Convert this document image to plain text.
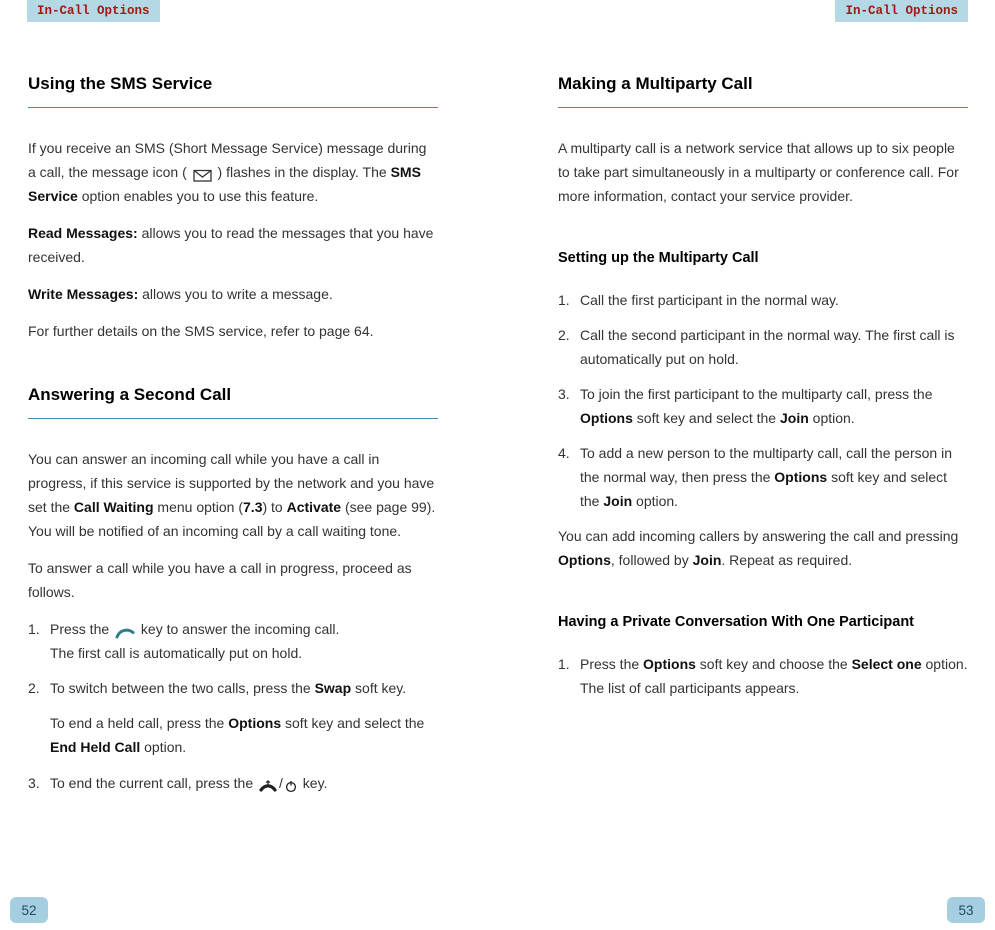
In-Call Options	In-Call Options
Using the SMS Service

If you receive an SMS (Short Message Service) message during a call, the message icon (  ) flashes in the display. The SMS Service option enables you to use this feature.

Read Messages: allows you to read the messages that you have received.

Write Messages: allows you to write a message.

For further details on the SMS service, refer to page 64.

Answering a Second Call

You can answer an incoming call while you have a call in progress, if this service is supported by the network and you have set the Call Waiting menu option (7.3) to Activate (see page 99). You will be notified of an incoming call by a call waiting tone.

To answer a call while you have a call in progress, proceed as follows.

1. Press the  key to answer the incoming call.
The first call is automatically put on hold.
2. To switch between the two calls, press the Swap soft key.

To end a held call, press the Options soft key and select the End Held Call option.

3. To end the current call, press the / key.
Making a Multiparty Call

A multiparty call is a network service that allows up to six people to take part simultaneously in a multiparty or conference call. For more information, contact your service provider.

Setting up the Multiparty Call
1. Call the first participant in the normal way.
2. Call the second participant in the normal way. The first call is automatically put on hold.
3. To join the first participant to the multiparty call, press the Options soft key and select the Join option.
4. To add a new person to the multiparty call, call the person in the normal way, then press the Options soft key and select the Join option.

You can add incoming callers by answering the call and pressing Options, followed by Join. Repeat as required.

Having a Private Conversation With One Participant
1. Press the Options soft key and choose the Select one option.
The list of call participants appears.
52	53
